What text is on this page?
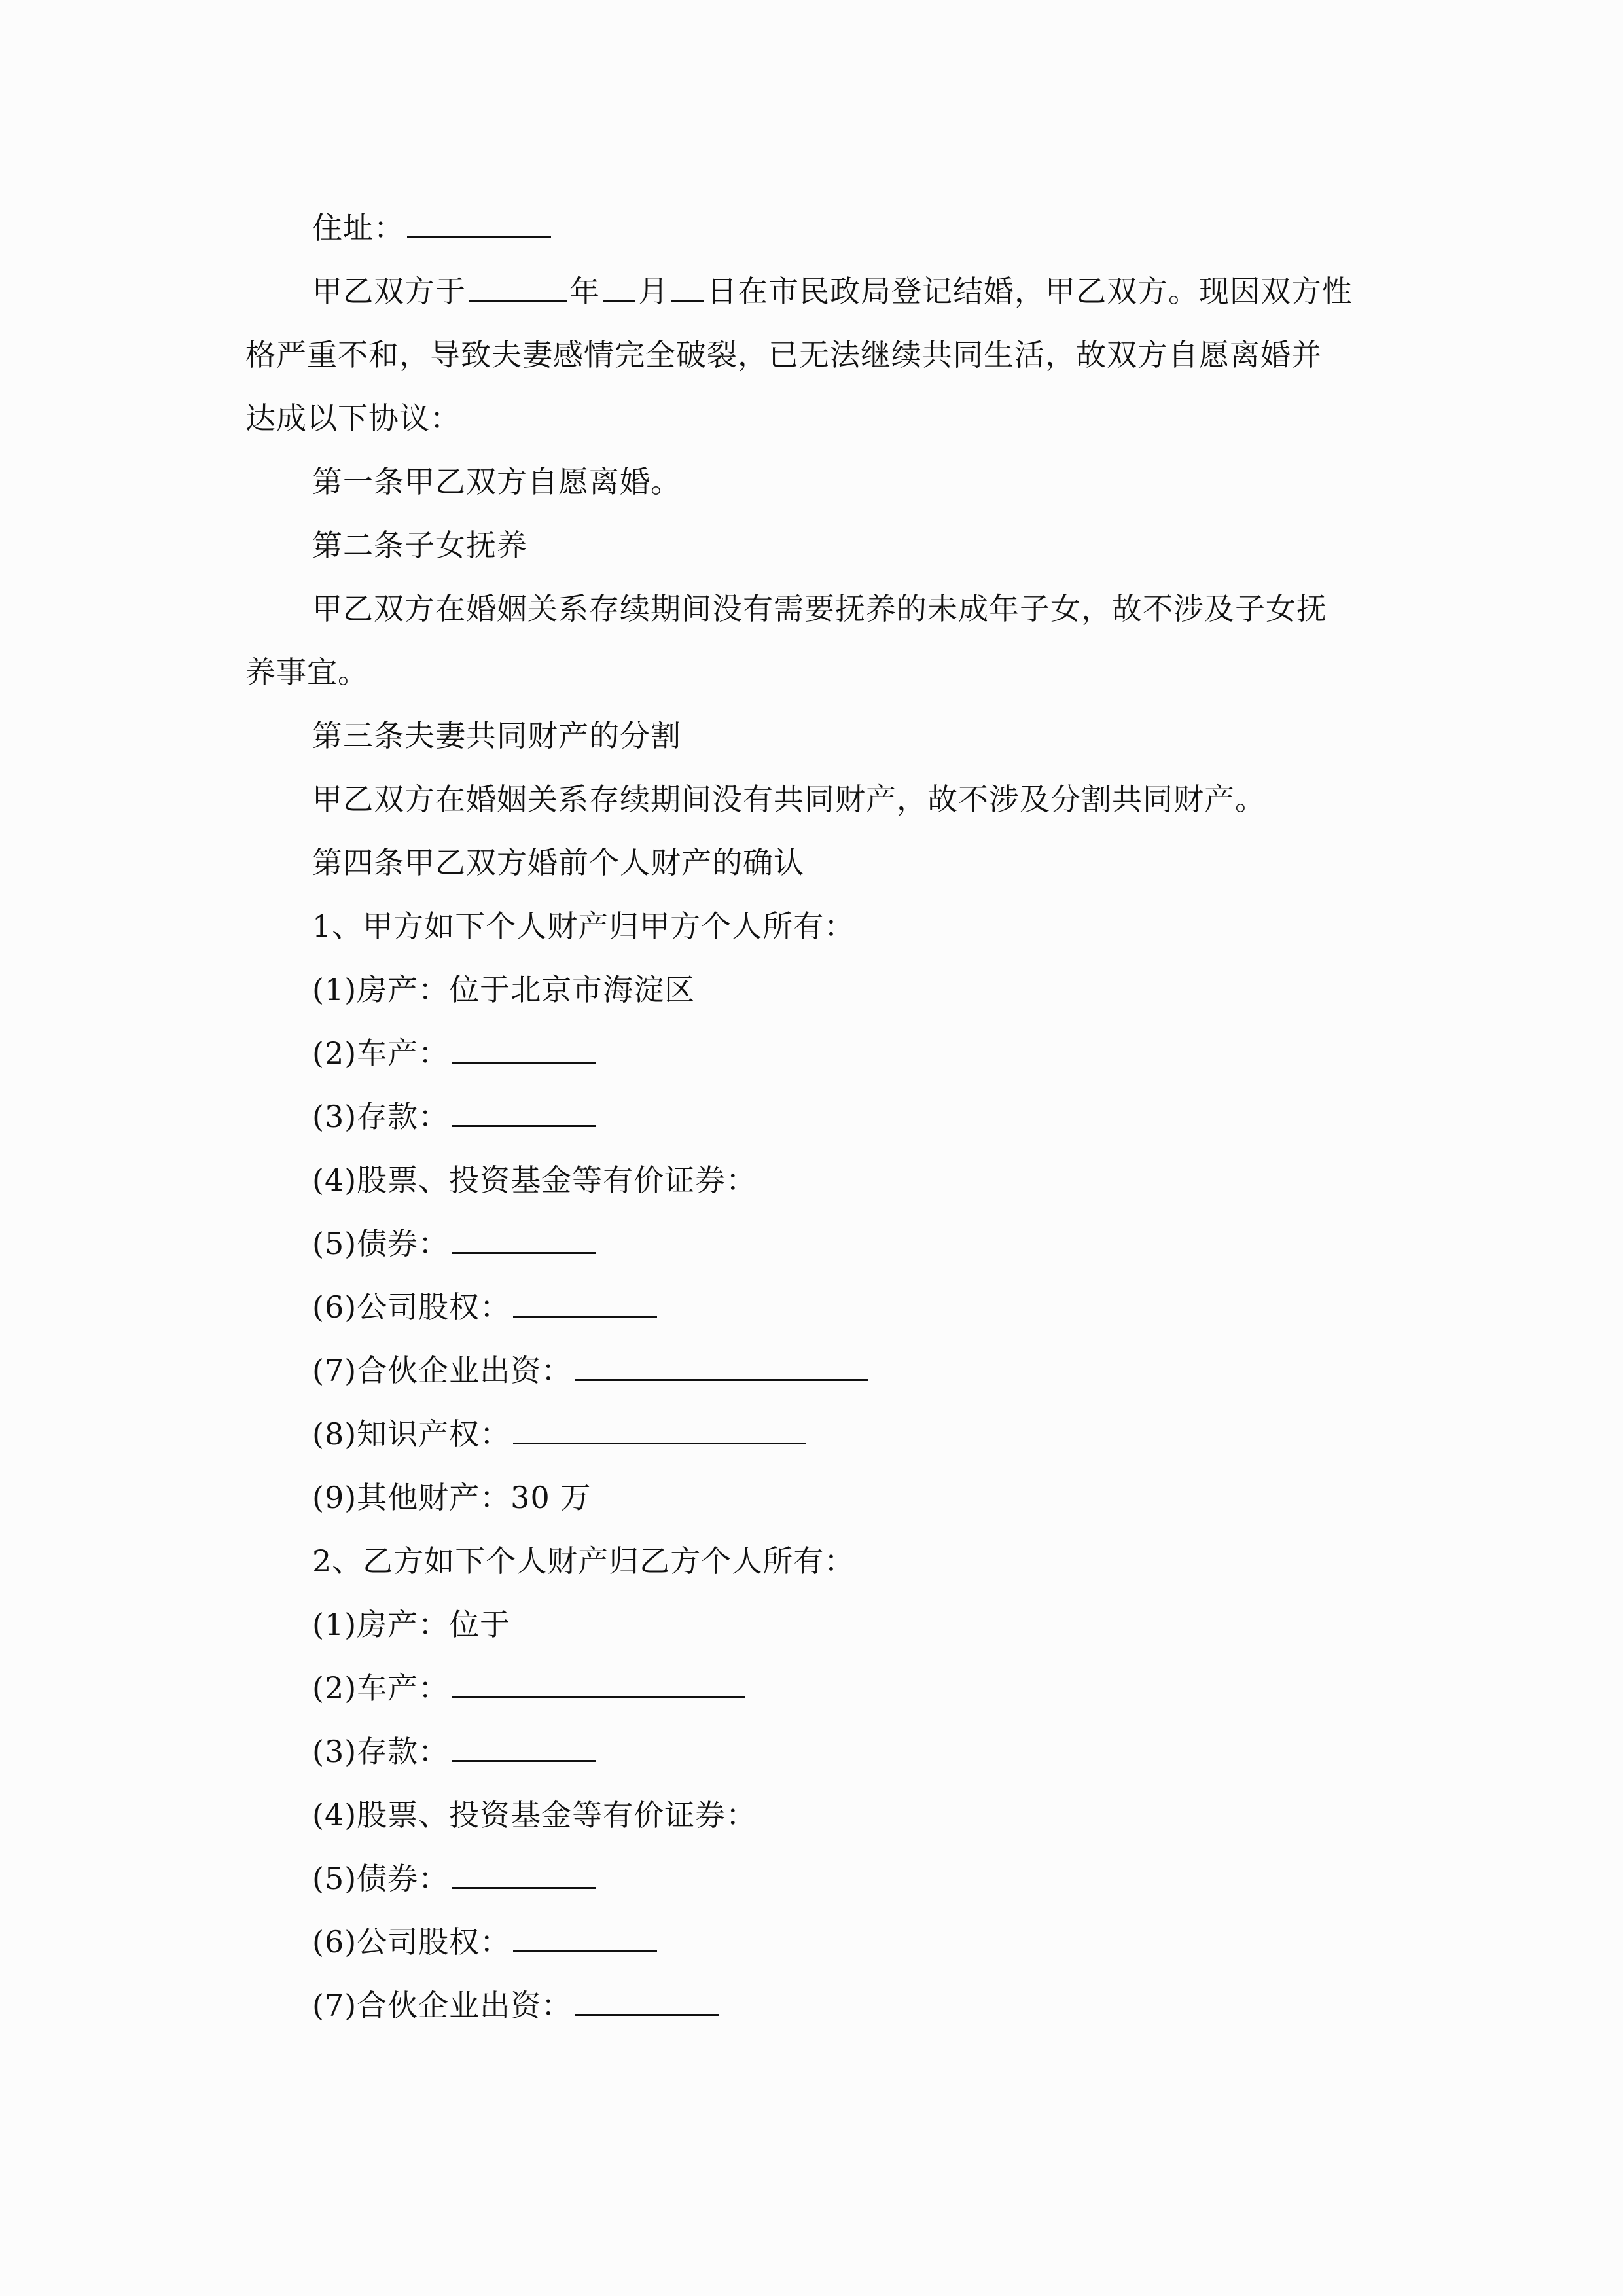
住址：
甲乙双方于	年 月 日在市民政局登记结婚，甲乙双方。现因双方性
格严重不和，导致夫妻感情完全破裂，已无法继续共同生活，故双方自愿离婚并
达成以下协议：
第一条甲乙双方自愿离婚。
第二条子女抚养
甲乙双方在婚姻关系存续期间没有需要抚养的未成年子女，故不涉及子女抚
养事宜。
第三条夫妻共同财产的分割
甲乙双方在婚姻关系存续期间没有共同财产，故不涉及分割共同财产。
第四条甲乙双方婚前个人财产的确认
1、甲方如下个人财产归甲方个人所有：
(1)房产：位于北京市海淀区
(2)车产：
(3)存款：
(4)股票、投资基金等有价证券：
(5)债券：
(6)公司股权：
(7)合伙企业出资：
(8)知识产权：
(9)其他财产：30 万
2、乙方如下个人财产归乙方个人所有：
(1)房产：位于
(2)车产：
(3)存款：
(4)股票、投资基金等有价证券：
(5)债券：
(6)公司股权：
(7)合伙企业出资：
